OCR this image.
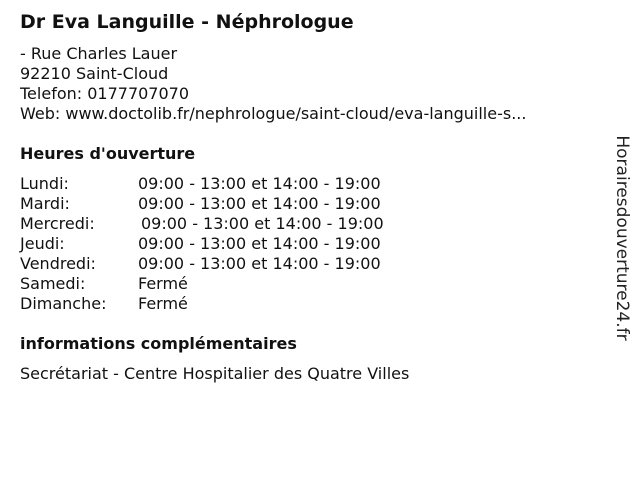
Dr Eva Languille - Néphrologue
- Rue Charles Lauer
92210 Saint-Cloud
Telefon: 0177707070
Web: www.doctolib.fr/nephrologue/saint-cloud/eva-languille-s...
Heures d'ouverture
Lundi:	09:00 - 13:00 et 14:00 - 19:00
Mardi:	09:00 - 13:00 et 14:00 - 19:00
Mercredi:	09:00 - 13:00 et 14:00 - 19:00
Jeudi:	09:00 - 13:00 et 14:00 - 19:00
Vendredi:	09:00 - 13:00 et 14:00 - 19:00
Samedi:	Fermé
Dimanche: Fermé
informations complémentaires
Secrétariat - Centre Hospitalier des Quatre Villes
Horairesdouverture24.fr
